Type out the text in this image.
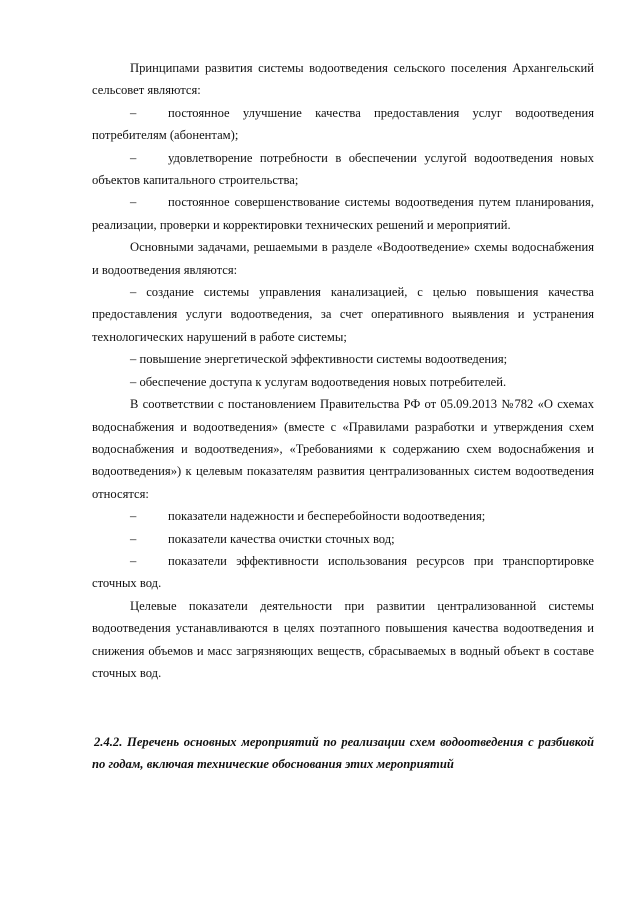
Принципами развития системы водоотведения сельского поселения Архангельский сельсовет являются:

–	постоянное улучшение качества предоставления услуг водоотведения потребителям (абонентам);

–	удовлетворение потребности в обеспечении услугой водоотведения новых объектов капитального строительства;

–	постоянное совершенствование системы водоотведения путем планирования, реализации, проверки и корректировки технических решений и мероприятий.

Основными задачами, решаемыми в разделе «Водоотведение» схемы водоснабжения и водоотведения являются:

– создание системы управления канализацией, с целью повышения качества предоставления услуги водоотведения, за счет оперативного выявления и устранения технологических нарушений в работе системы;

– повышение энергетической эффективности системы водоотведения;

– обеспечение доступа к услугам водоотведения новых потребителей.

В соответствии с постановлением Правительства РФ от 05.09.2013 №782 «О схемах водоснабжения и водоотведения» (вместе с «Правилами разработки и утверждения схем водоснабжения и водоотведения», «Требованиями к содержанию схем водоснабжения и водоотведения») к целевым показателям развития централизованных систем водоотведения относятся:

–	показатели надежности и бесперебойности водоотведения;

–	показатели качества очистки сточных вод;

–	показатели эффективности использования ресурсов при транспортировке сточных вод.

Целевые показатели деятельности при развитии централизованной системы водоотведения устанавливаются в целях поэтапного повышения качества водоотведения и снижения объемов и масс загрязняющих веществ, сбрасываемых в водный объект в составе сточных вод.

2.4.2. Перечень основных мероприятий по реализации схем водоотведения с разбивкой по годам, включая технические обоснования этих мероприятий
